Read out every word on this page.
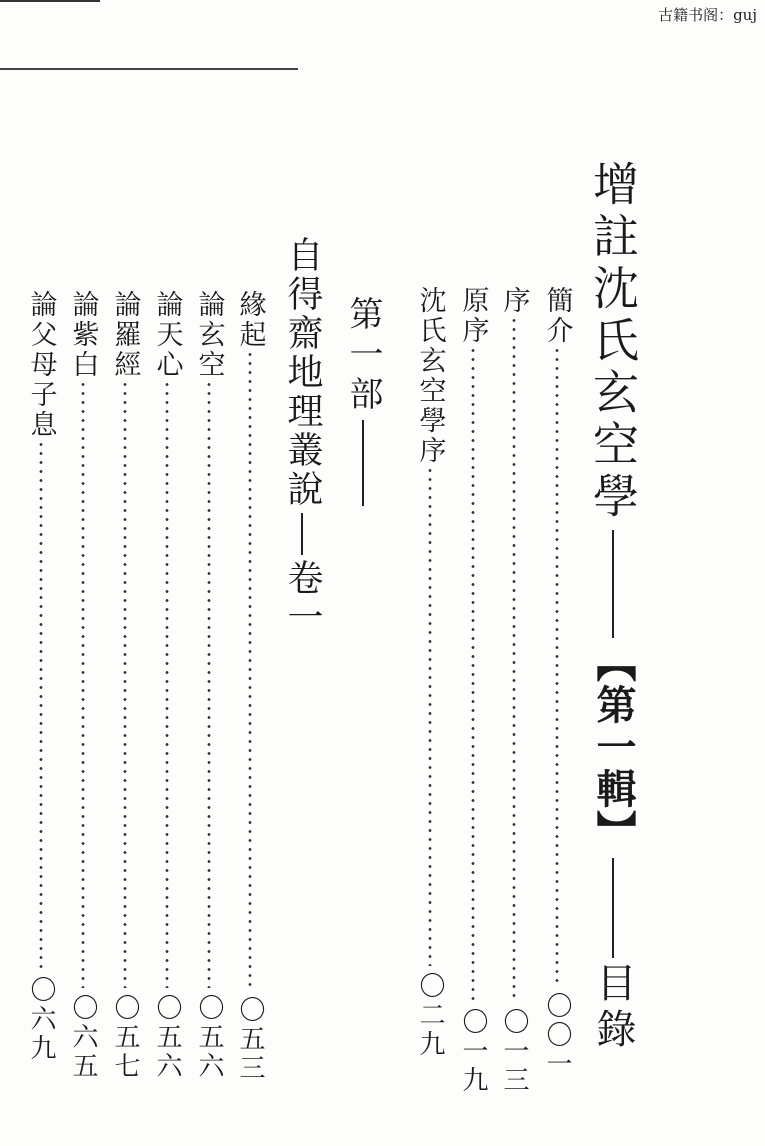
古籍书阁：guj
增註沈氏玄空學
【第一輯】
目錄
簡介
〇〇一
序
〇一三
原序
〇一九
沈氏玄空學序
〇二九
第一部
自得齋地理叢說
卷一
緣起
〇五三
論玄空
〇五六
論天心
〇五六
論羅經
〇五七
論紫白
〇六五
論父母子息
〇六九
